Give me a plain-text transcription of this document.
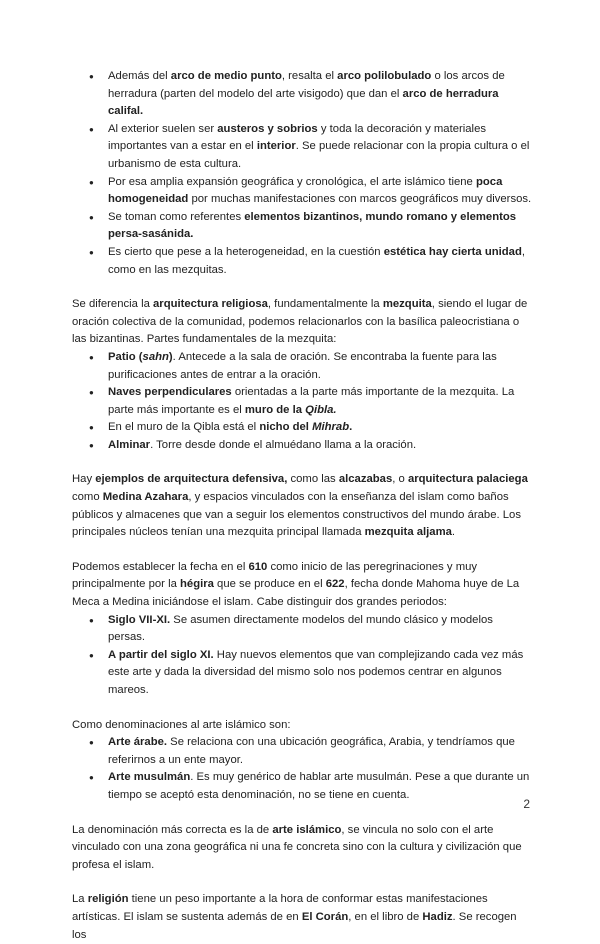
● Además del arco de medio punto, resalta el arco polilobulado o los arcos de herradura (parten del modelo del arte visigodo) que dan el arco de herradura califal.
● Al exterior suelen ser austeros y sobrios y toda la decoración y materiales importantes van a estar en el interior. Se puede relacionar con la propia cultura o el urbanismo de esta cultura.
● Por esa amplia expansión geográfica y cronológica, el arte islámico tiene poca homogeneidad por muchas manifestaciones con marcos geográficos muy diversos.
● Se toman como referentes elementos bizantinos, mundo romano y elementos persa-sasánida.
● Es cierto que pese a la heterogeneidad, en la cuestión estética hay cierta unidad, como en las mezquitas.

Se diferencia la arquitectura religiosa, fundamentalmente la mezquita, siendo el lugar de oración colectiva de la comunidad, podemos relacionarlos con la basílica paleocristiana o las bizantinas. Partes fundamentales de la mezquita:

● Patio (sahn). Antecede a la sala de oración. Se encontraba la fuente para las purificaciones antes de entrar a la oración.
● Naves perpendiculares orientadas a la parte más importante de la mezquita. La parte más importante es el muro de la Qibla.
● En el muro de la Qibla está el nicho del Mihrab.
● Alminar. Torre desde donde el almuédano llama a la oración.

Hay ejemplos de arquitectura defensiva, como las alcazabas, o arquitectura palaciega como Medina Azahara, y espacios vinculados con la enseñanza del islam como baños públicos y almacenes que van a seguir los elementos constructivos del mundo árabe. Los principales núcleos tenían una mezquita principal llamada mezquita aljama.

Podemos establecer la fecha en el 610 como inicio de las peregrinaciones y muy principalmente por la hégira que se produce en el 622, fecha donde Mahoma huye de La Meca a Medina iniciándose el islam. Cabe distinguir dos grandes periodos:

● Siglo VII-XI. Se asumen directamente modelos del mundo clásico y modelos persas.
● A partir del siglo XI. Hay nuevos elementos que van complejizando cada vez más este arte y dada la diversidad del mismo solo nos podemos centrar en algunos mareos.

Como denominaciones al arte islámico son:

● Arte árabe. Se relaciona con una ubicación geográfica, Arabia, y tendríamos que referirnos a un ente mayor.
● Arte musulmán. Es muy genérico de hablar arte musulmán. Pese a que durante un tiempo se aceptó esta denominación, no se tiene en cuenta.

La denominación más correcta es la de arte islámico, se vincula no solo con el arte vinculado con una zona geográfica ni una fe concreta sino con la cultura y civilización que profesa el islam.

La religión tiene un peso importante a la hora de conformar estas manifestaciones artísticas. El islam se sustenta además de en El Corán, en el libro de Hadiz. Se recogen los

2
